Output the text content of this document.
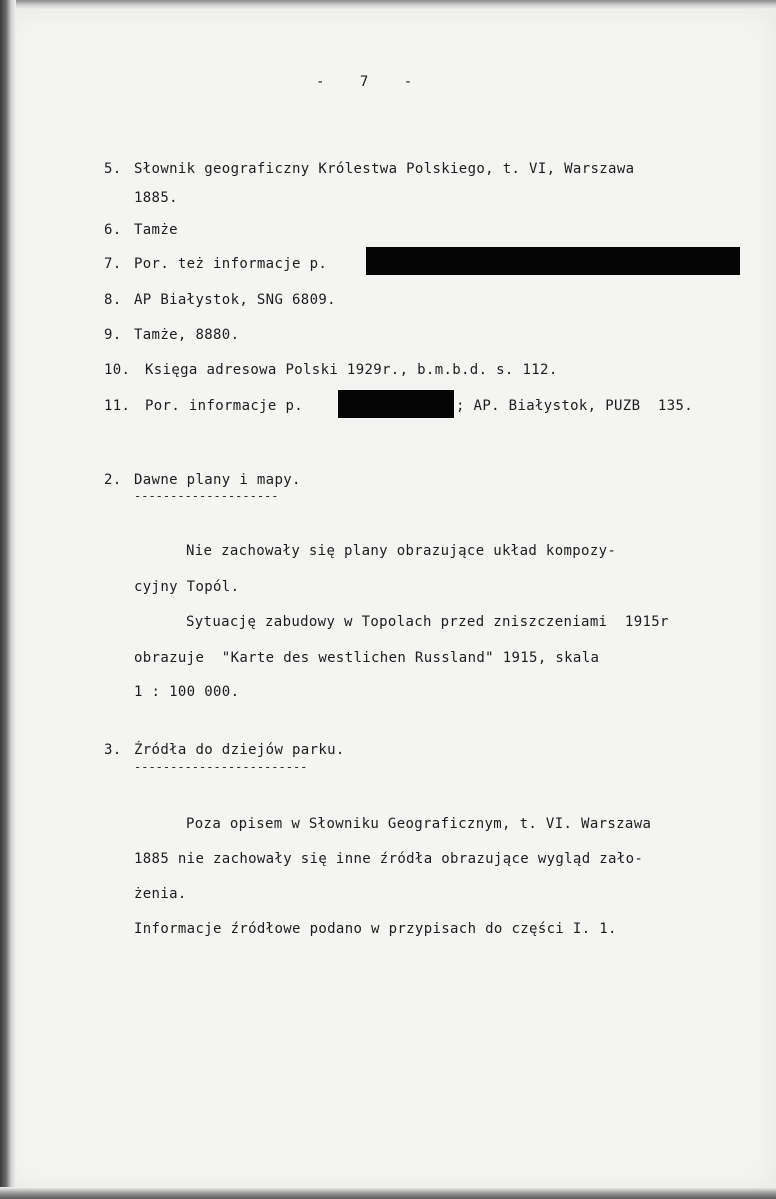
-    7    -
5. Słownik geograficzny Królestwa Polskiego, t. VI, Warszawa
1885.
6. Tamże
7. Por. też informacje p.
8. AP Białystok, SNG 6809.
9. Tamże, 8880.
10. Księga adresowa Polski 1929r., b.m.b.d. s. 112.
11. Por. informacje p.	; AP. Białystok, PUZB  135.
2. Dawne plany i mapy.
--------------------
Nie zachowały się plany obrazujące układ kompozy-
cyjny Topól.
Sytuację zabudowy w Topolach przed zniszczeniami  1915r
obrazuje  "Karte des westlichen Russland" 1915, skala
1 : 100 000.
3. Źródła do dziejów parku.
------------------------
Poza opisem w Słowniku Geograficznym, t. VI. Warszawa
1885 nie zachowały się inne źródła obrazujące wygląd zało-
żenia.
Informacje źródłowe podano w przypisach do części I. 1.
